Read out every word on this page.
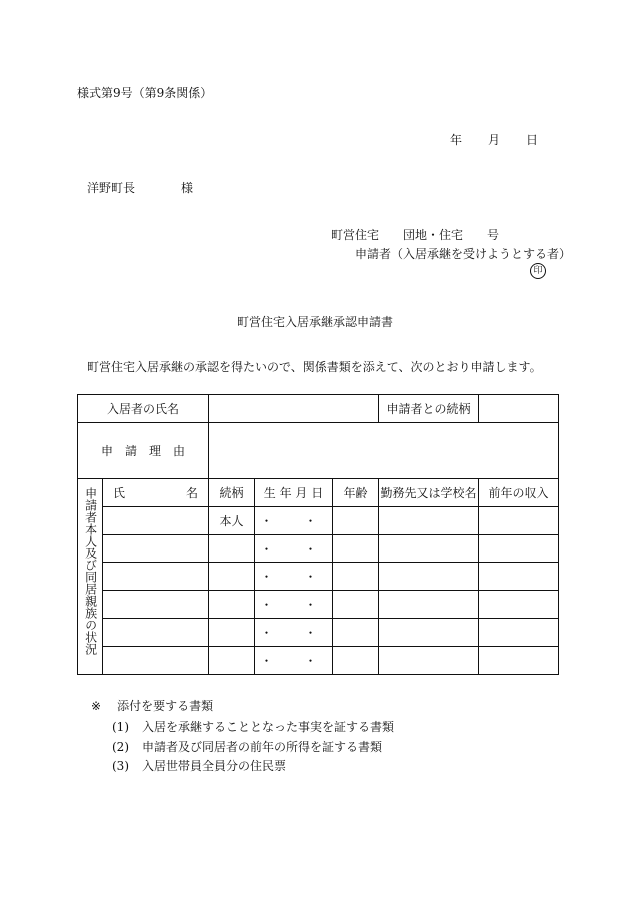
様式第9号（第9条関係）
年 月 日
洋野町長	様
町営住宅 団地・住宅 号
申請者（入居承継を受けようとする者）
印
町営住宅入居承継承認申請書
町営住宅入居承継の承認を得たいので、関係書類を添えて、次のとおり申請します。
入居者の氏名					申請者との続柄	
申　請　理　由						

申請者本人及び同居親族の状況	氏 名	続柄	生 年 月 日	年齢	勤務先又は学校名	前年の収入
		本人	・　・			
			・　・			
			・　・			
			・　・			
			・　・			
			・　・			
※ 添付を要する書類
(1) 入居を承継することとなった事実を証する書類
(2) 申請者及び同居者の前年の所得を証する書類
(3) 入居世帯員全員分の住民票
